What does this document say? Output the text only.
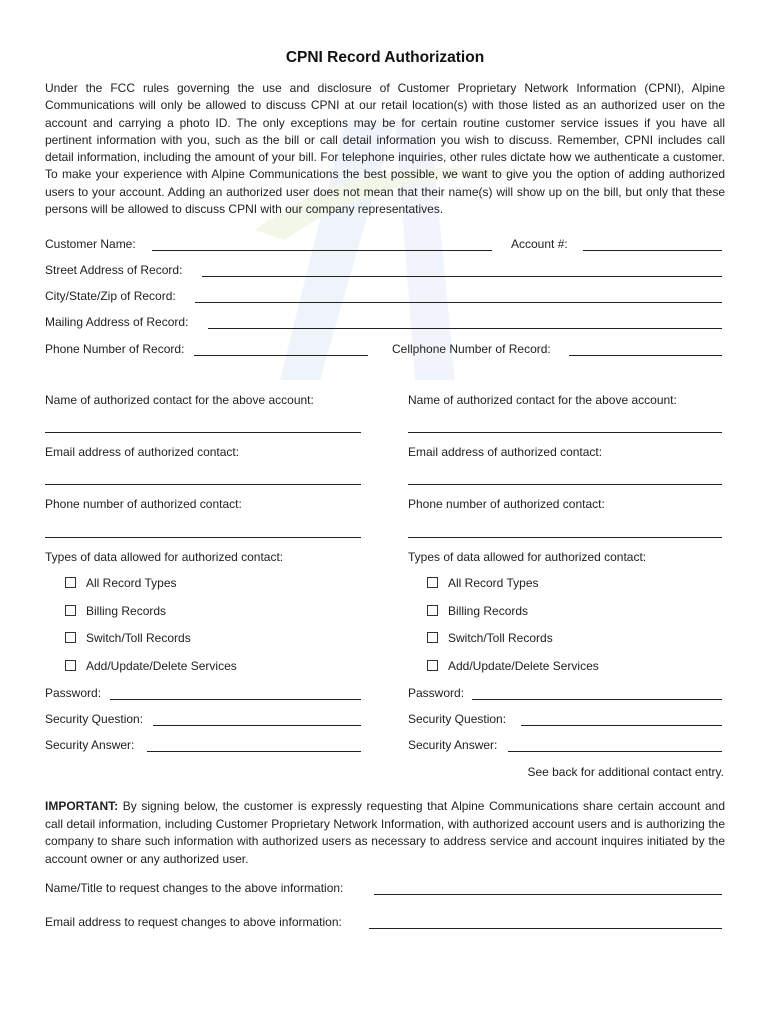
CPNI Record Authorization

Under the FCC rules governing the use and disclosure of Customer Proprietary Network Information (CPNI), Alpine Communications will only be allowed to discuss CPNI at our retail location(s) with those listed as an authorized user on the account and carrying a photo ID. The only exceptions may be for certain routine customer service issues if you have all pertinent information with you, such as the bill or call detail information you wish to discuss. Remember, CPNI includes call detail information, including the amount of your bill. For telephone inquiries, other rules dictate how we authenticate a customer. To make your experience with Alpine Communications the best possible, we want to give you the option of adding authorized users to your account. Adding an authorized user does not mean that their name(s) will show up on the bill, but only that these persons will be allowed to discuss CPNI with our company representatives.

Customer Name:	Account #:
Street Address of Record:
City/State/Zip of Record:
Mailing Address of Record:
Phone Number of Record:	Cellphone Number of Record:
Name of authorized contact for the above account:
Email address of authorized contact:
Phone number of authorized contact:
Types of data allowed for authorized contact:
All Record Types
Billing Records
Switch/Toll Records
Add/Update/Delete Services
Password:
Security Question:
Security Answer:
Name of authorized contact for the above account:
Email address of authorized contact:
Phone number of authorized contact:
Types of data allowed for authorized contact:
All Record Types
Billing Records
Switch/Toll Records
Add/Update/Delete Services
Password:
Security Question:
Security Answer:
See back for additional contact entry.

IMPORTANT: By signing below, the customer is expressly requesting that Alpine Communications share certain account and call detail information, including Customer Proprietary Network Information, with authorized account users and is authorizing the company to share such information with authorized users as necessary to address service and account inquires initiated by the account owner or any authorized user.

Name/Title to request changes to the above information:
Email address to request changes to above information:
